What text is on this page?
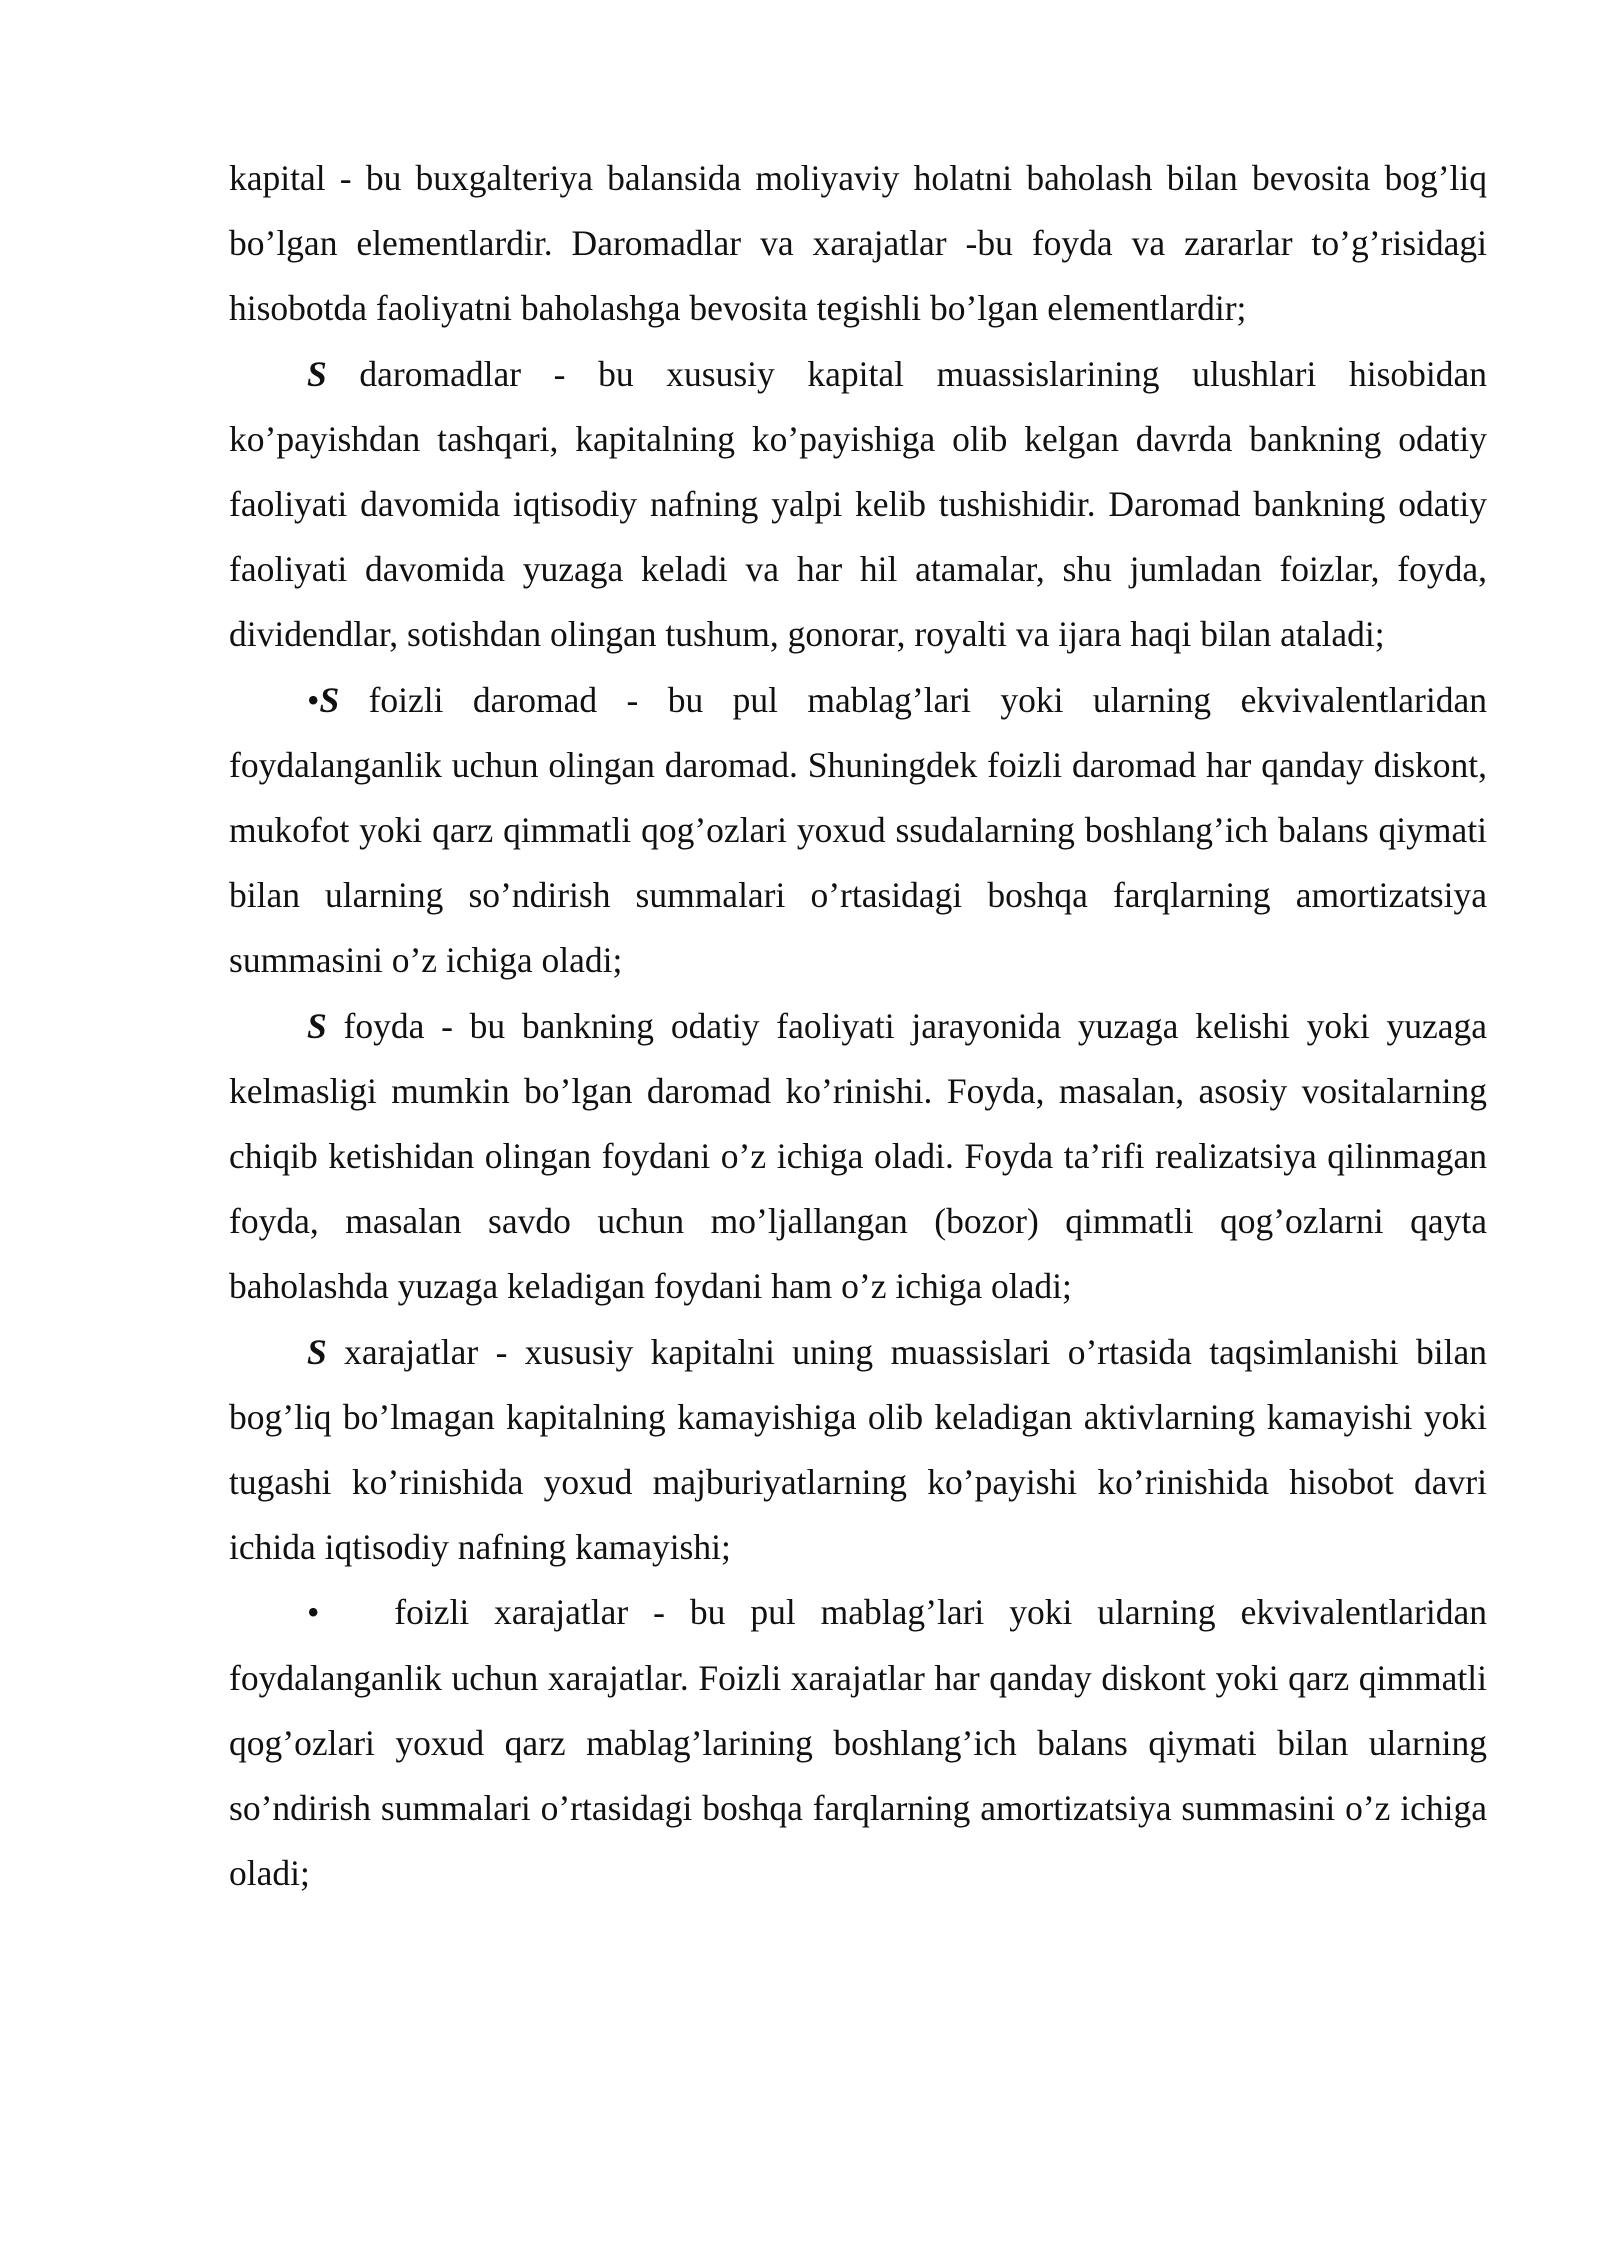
kapital - bu buxgalteriya balansida moliyaviy holatni baholash bilan bevosita bog’liq bo’lgan elementlardir. Daromadlar va xarajatlar -bu foyda va zararlar to’g’risidagi hisobotda faoliyatni baholashga bevosita tegishli bo’lgan elementlardir;

S daromadlar - bu xususiy kapital muassislarining ulushlari hisobidan ko’payishdan tashqari, kapitalning ko’payishiga olib kelgan davrda bankning odatiy faoliyati davomida iqtisodiy nafning yalpi kelib tushishidir. Daromad bankning odatiy faoliyati davomida yuzaga keladi va har hil atamalar, shu jumladan foizlar, foyda, dividendlar, sotishdan olingan tushum, gonorar, royalti va ijara haqi bilan ataladi;

•S foizli daromad - bu pul mablag’lari yoki ularning ekvivalentlaridan foydalanganlik uchun olingan daromad. Shuningdek foizli daromad har qanday diskont, mukofot yoki qarz qimmatli qog’ozlari yoxud ssudalarning boshlang’ich balans qiymati bilan ularning so’ndirish summalari o’rtasidagi boshqa farqlarning amortizatsiya summasini o’z ichiga oladi;

S foyda - bu bankning odatiy faoliyati jarayonida yuzaga kelishi yoki yuzaga kelmasligi mumkin bo’lgan daromad ko’rinishi. Foyda, masalan, asosiy vositalarning chiqib ketishidan olingan foydani o’z ichiga oladi. Foyda ta’rifi realizatsiya qilinmagan foyda, masalan savdo uchun mo’ljallangan (bozor) qimmatli qog’ozlarni qayta baholashda yuzaga keladigan foydani ham o’z ichiga oladi;

S xarajatlar - xususiy kapitalni uning muassislari o’rtasida taqsimlanishi bilan bog’liq bo’lmagan kapitalning kamayishiga olib keladigan aktivlarning kamayishi yoki tugashi ko’rinishida yoxud majburiyatlarning ko’payishi ko’rinishida hisobot davri ichida iqtisodiy nafning kamayishi;

• foizli xarajatlar - bu pul mablag’lari yoki ularning ekvivalentlaridan foydalanganlik uchun xarajatlar. Foizli xarajatlar har qanday diskont yoki qarz qimmatli qog’ozlari yoxud qarz mablag’larining boshlang’ich balans qiymati bilan ularning so’ndirish summalari o’rtasidagi boshqa farqlarning amortizatsiya summasini o’z ichiga oladi;
